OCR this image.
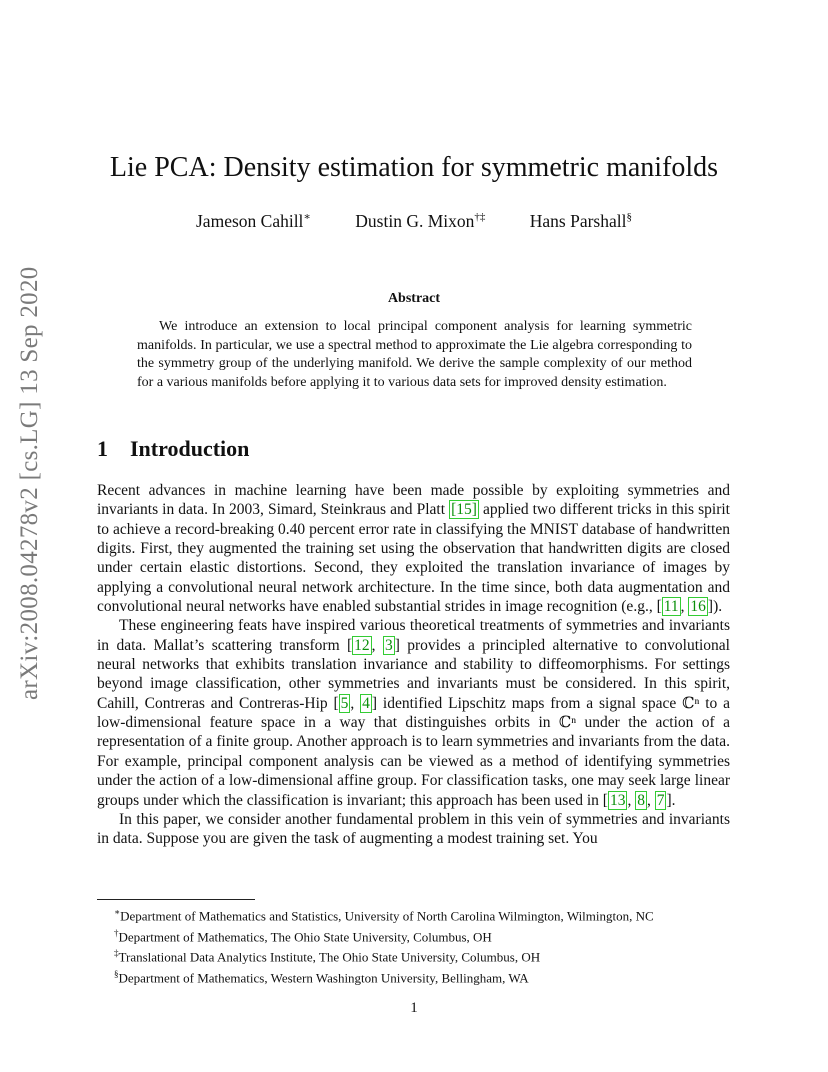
arXiv:2008.04278v2 [cs.LG] 13 Sep 2020
Lie PCA: Density estimation for symmetric manifolds
Jameson Cahill∗	Dustin G. Mixon†‡	Hans Parshall§
Abstract

We introduce an extension to local principal component analysis for learning symmetric manifolds. In particular, we use a spectral method to approximate the Lie algebra corresponding to the symmetry group of the underlying manifold. We derive the sample complexity of our method for a various manifolds before applying it to various data sets for improved density estimation.

1 Introduction

Recent advances in machine learning have been made possible by exploiting symmetries and invariants in data. In 2003, Simard, Steinkraus and Platt [15] applied two different tricks in this spirit to achieve a record-breaking 0.40 percent error rate in classifying the MNIST database of handwritten digits. First, they augmented the training set using the observation that handwritten digits are closed under certain elastic distortions. Second, they exploited the translation invariance of images by applying a convolutional neural network architecture. In the time since, both data augmentation and convolutional neural networks have enabled substantial strides in image recognition (e.g., [ 11 , 16 ]).

These engineering feats have inspired various theoretical treatments of symmetries and invariants in data. Mallat’s scattering transform [ 12 , 3 ] provides a principled alternative to convolutional neural networks that exhibits translation invariance and stability to diffeomorphisms. For settings beyond image classification, other symmetries and invariants must be considered. In this spirit, Cahill, Contreras and Contreras-Hip [ 5 , 4 ] identified Lipschitz maps from a signal space ℂⁿ to a low-dimensional feature space in a way that distinguishes orbits in ℂⁿ under the action of a representation of a finite group. Another approach is to learn symmetries and invariants from the data. For example, principal component analysis can be viewed as a method of identifying symmetries under the action of a low-dimensional affine group. For classification tasks, one may seek large linear groups under which the classification is invariant; this approach has been used in [ 13 , 8 , 7 ].

In this paper, we consider another fundamental problem in this vein of symmetries and invariants in data. Suppose you are given the task of augmenting a modest training set. You

∗Department of Mathematics and Statistics, University of North Carolina Wilmington, Wilmington, NC
†Department of Mathematics, The Ohio State University, Columbus, OH
‡Translational Data Analytics Institute, The Ohio State University, Columbus, OH
§Department of Mathematics, Western Washington University, Bellingham, WA
1
